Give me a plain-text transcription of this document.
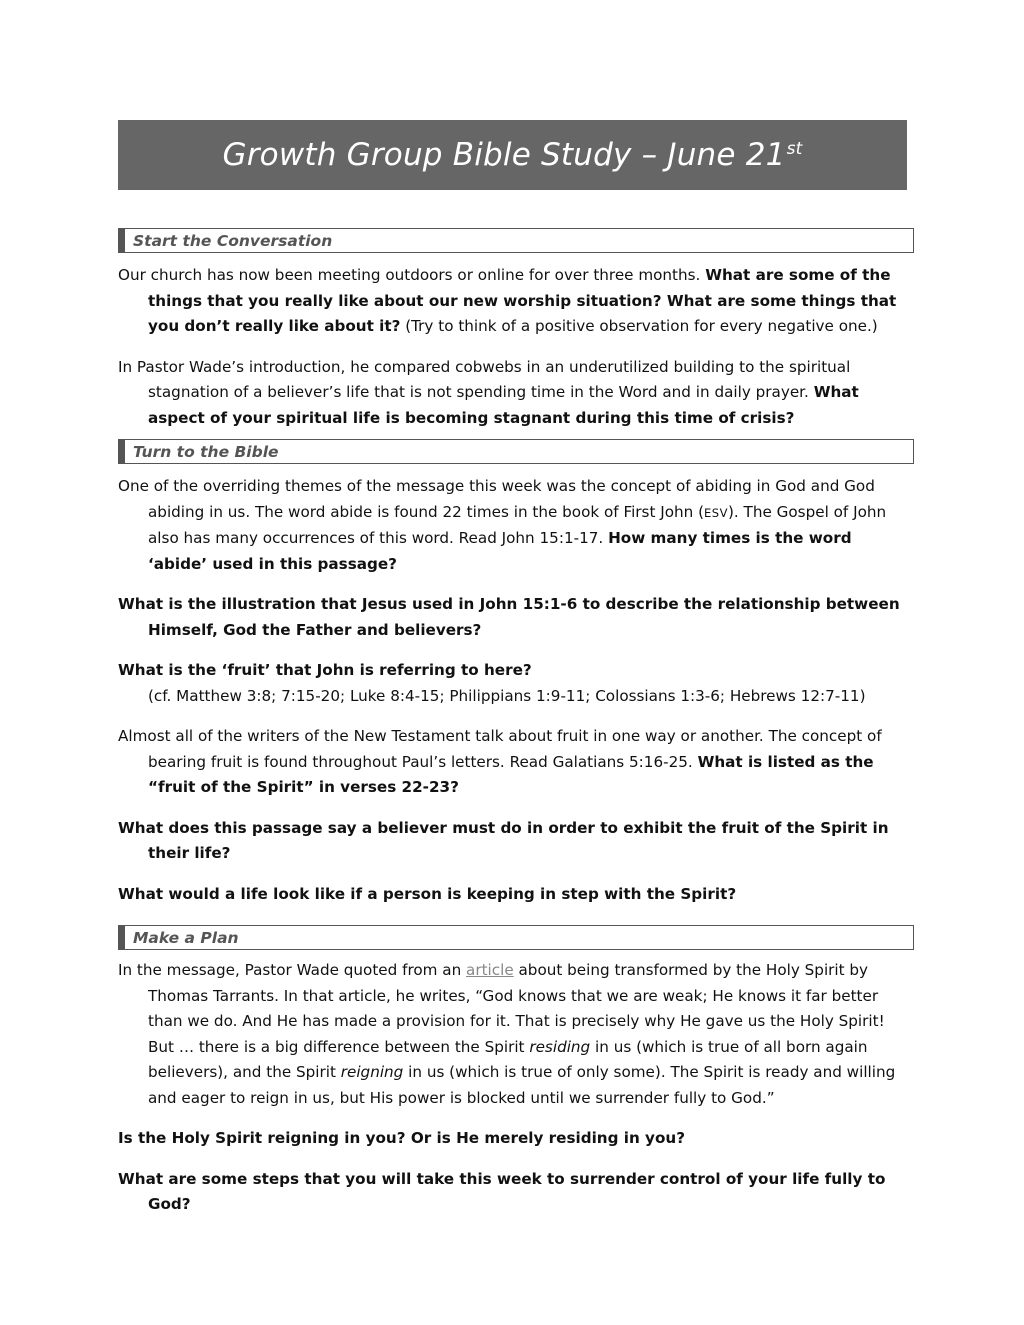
Growth Group Bible Study – June 21st
Start the Conversation

Our church has now been meeting outdoors or online for over three months. What are some of the things that you really like about our new worship situation? What are some things that you don’t really like about it? (Try to think of a positive observation for every negative one.)

In Pastor Wade’s introduction, he compared cobwebs in an underutilized building to the spiritual stagnation of a believer’s life that is not spending time in the Word and in daily prayer. What aspect of your spiritual life is becoming stagnant during this time of crisis?

Turn to the Bible

One of the overriding themes of the message this week was the concept of abiding in God and God abiding in us. The word abide is found 22 times in the book of First John (ESV). The Gospel of John also has many occurrences of this word. Read John 15:1-17. How many times is the word ‘abide’ used in this passage?

What is the illustration that Jesus used in John 15:1-6 to describe the relationship between Himself, God the Father and believers?

What is the ‘fruit’ that John is referring to here?

(cf. Matthew 3:8; 7:15-20; Luke 8:4-15; Philippians 1:9-11; Colossians 1:3-6; Hebrews 12:7-11)

Almost all of the writers of the New Testament talk about fruit in one way or another. The concept of bearing fruit is found throughout Paul’s letters. Read Galatians 5:16-25. What is listed as the “fruit of the Spirit” in verses 22-23?

What does this passage say a believer must do in order to exhibit the fruit of the Spirit in their life?

What would a life look like if a person is keeping in step with the Spirit?

Make a Plan

In the message, Pastor Wade quoted from an article about being transformed by the Holy Spirit by Thomas Tarrants. In that article, he writes, “God knows that we are weak; He knows it far better than we do. And He has made a provision for it. That is precisely why He gave us the Holy Spirit! But … there is a big difference between the Spirit residing in us (which is true of all born again believers), and the Spirit reigning in us (which is true of only some). The Spirit is ready and willing and eager to reign in us, but His power is blocked until we surrender fully to God.”

Is the Holy Spirit reigning in you? Or is He merely residing in you?

What are some steps that you will take this week to surrender control of your life fully to God?
